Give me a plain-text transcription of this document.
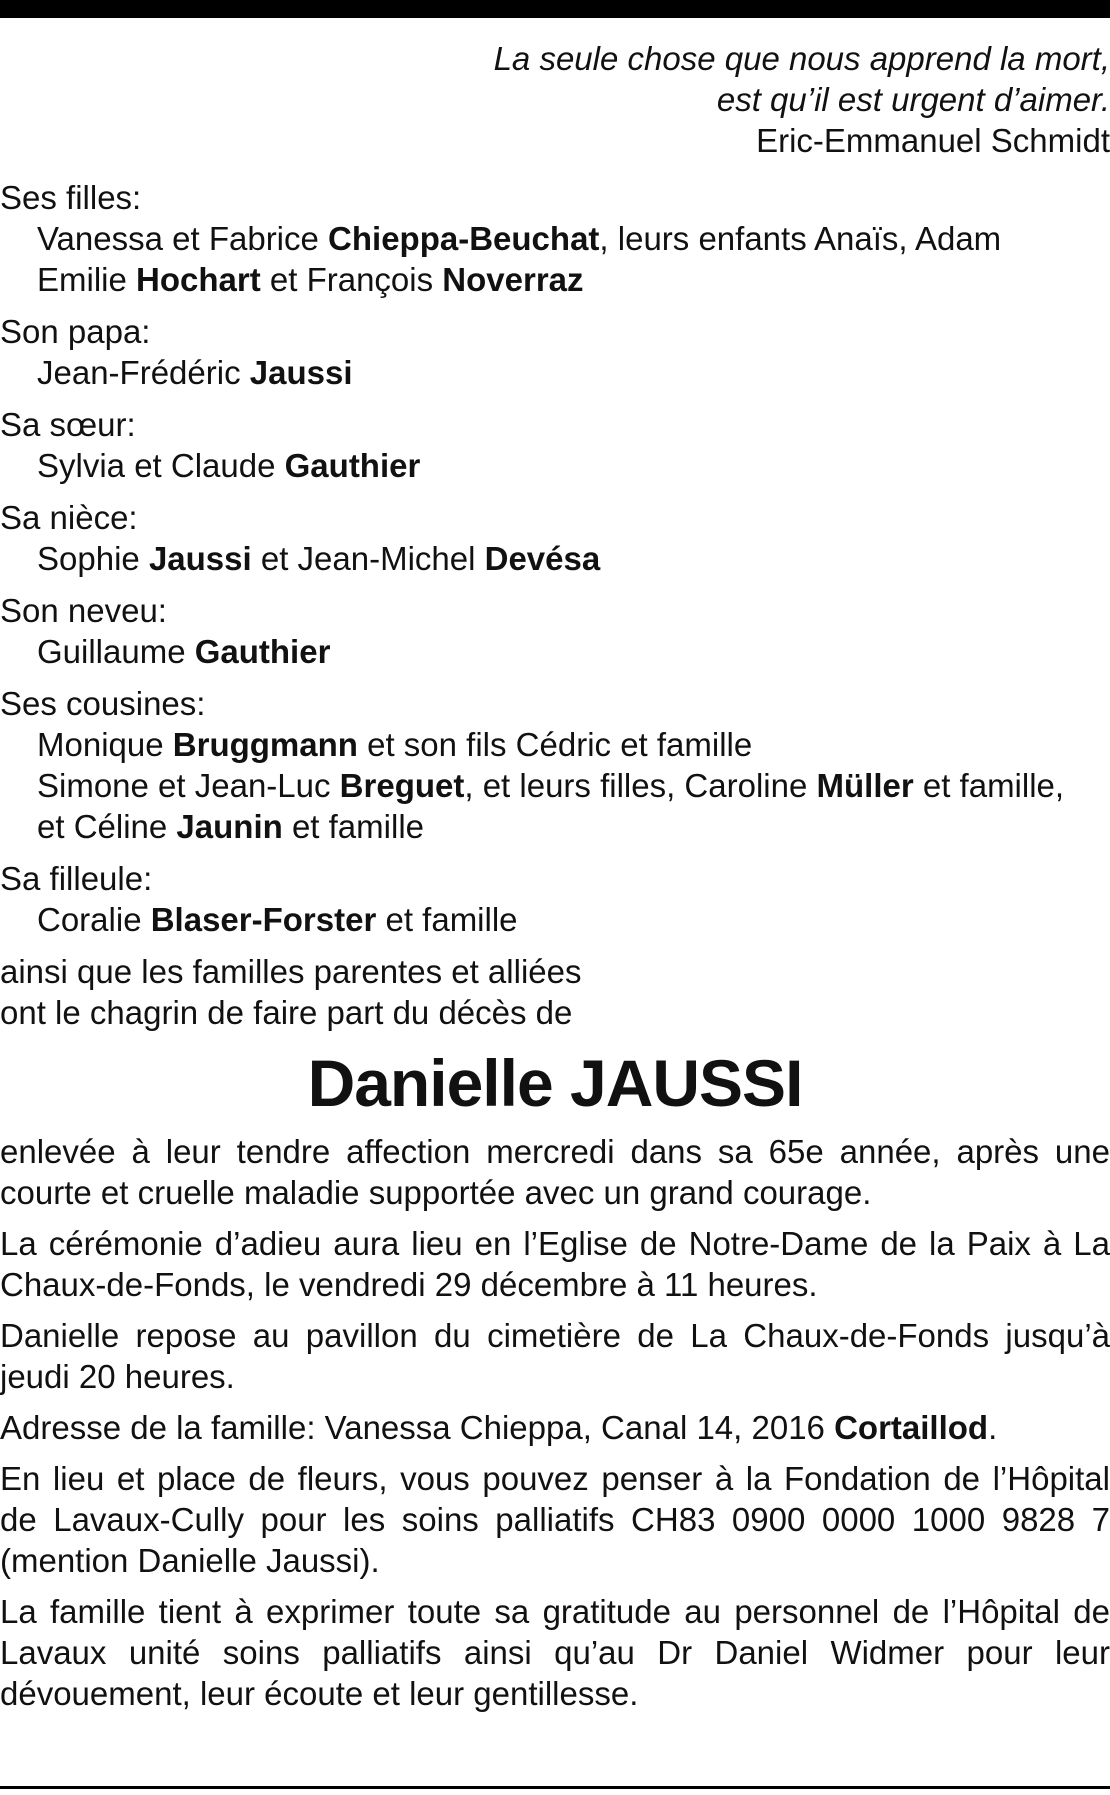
La seule chose que nous apprend la mort,
est qu’il est urgent d’aimer.
Eric-Emmanuel Schmidt
Ses filles:
Vanessa et Fabrice Chieppa-Beuchat, leurs enfants Anaïs, Adam
Emilie Hochart et François Noverraz
Son papa:
Jean-Frédéric Jaussi
Sa sœur:
Sylvia et Claude Gauthier
Sa nièce:
Sophie Jaussi et Jean-Michel Devésa
Son neveu:
Guillaume Gauthier
Ses cousines:
Monique Bruggmann et son fils Cédric et famille
Simone et Jean-Luc Breguet, et leurs filles, Caroline Müller et famille,
et Céline Jaunin et famille
Sa filleule:
Coralie Blaser-Forster et famille
ainsi que les familles parentes et alliées
ont le chagrin de faire part du décès de
Danielle JAUSSI
enlevée à leur tendre affection mercredi dans sa 65e année, après une courte et cruelle maladie supportée avec un grand courage.
La cérémonie d’adieu aura lieu en l’Eglise de Notre-Dame de la Paix à La Chaux-de-Fonds, le vendredi 29 décembre à 11 heures.
Danielle repose au pavillon du cimetière de La Chaux-de-Fonds jusqu’à jeudi 20 heures.
Adresse de la famille: Vanessa Chieppa, Canal 14, 2016 Cortaillod.
En lieu et place de fleurs, vous pouvez penser à la Fondation de l’Hôpital de Lavaux-Cully pour les soins palliatifs CH83 0900 0000 1000 9828 7 (mention Danielle Jaussi).
La famille tient à exprimer toute sa gratitude au personnel de l’Hôpital de Lavaux unité soins palliatifs ainsi qu’au Dr Daniel Widmer pour leur dévouement, leur écoute et leur gentillesse.
